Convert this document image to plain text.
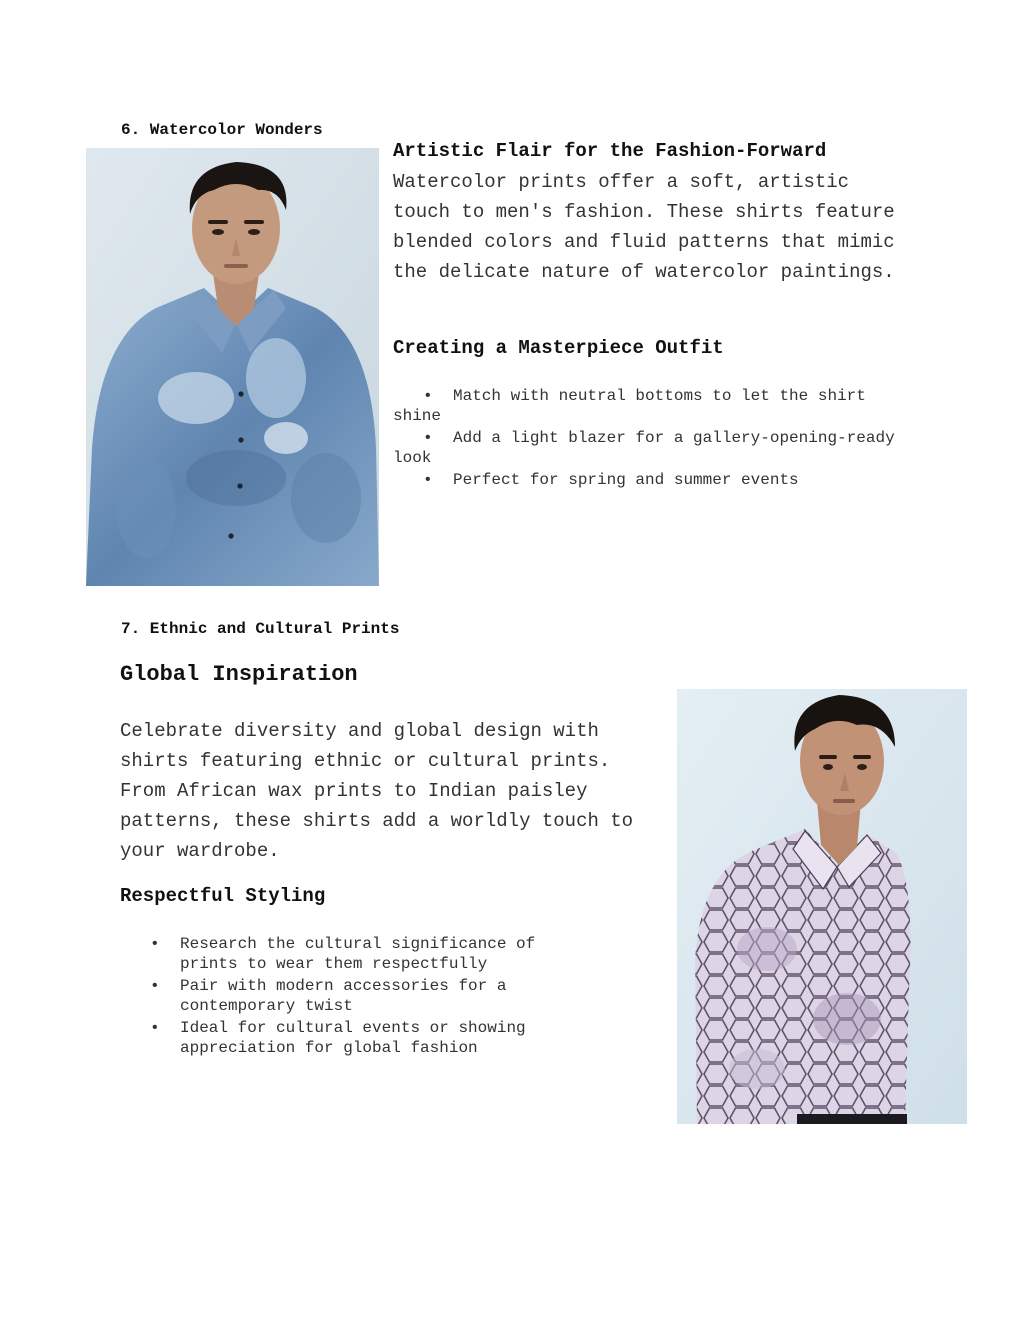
6. Watercolor Wonders
Artistic Flair for the Fashion-Forward
Watercolor prints offer a soft, artistic touch to men's fashion. These shirts feature blended colors and fluid patterns that mimic the delicate nature of watercolor paintings.
Creating a Masterpiece Outfit
• Match with neutral bottoms to let the shirt shine
• Add a light blazer for a gallery-opening-ready look
• Perfect for spring and summer events
7. Ethnic and Cultural Prints
Global Inspiration
Celebrate diversity and global design with shirts featuring ethnic or cultural prints. From African wax prints to Indian paisley patterns, these shirts add a worldly touch to your wardrobe.
Respectful Styling
• Research the cultural significance of prints to wear them respectfully
• Pair with modern accessories for a contemporary twist
• Ideal for cultural events or showing appreciation for global fashion
